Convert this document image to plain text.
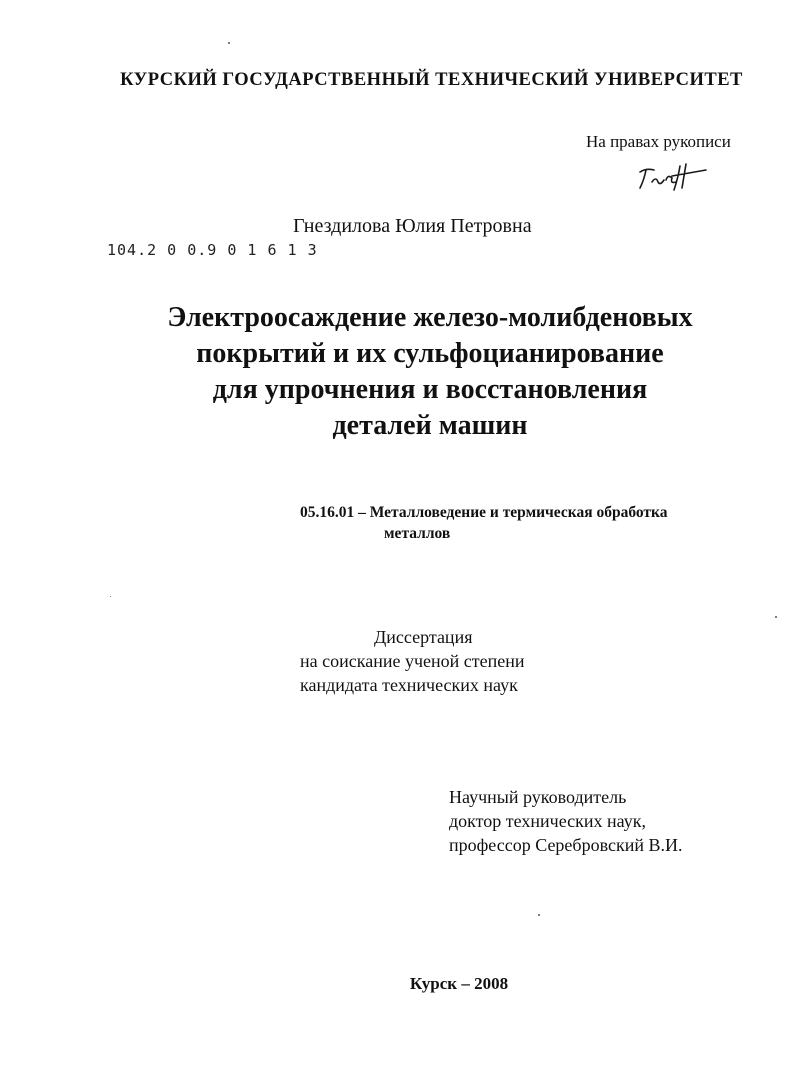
КУРСКИЙ ГОСУДАРСТВЕННЫЙ ТЕХНИЧЕСКИЙ УНИВЕРСИТЕТ
На правах рукописи
Гнездилова Юлия Петровна
104.2 0 0.9 0 1 6 1 3
Электроосаждение железо-молибденовых
покрытий и их сульфоцианирование
для упрочнения и восстановления
деталей машин
05.16.01 – Металловедение и термическая обработка
металлов
Диссертация
на соискание ученой степени
кандидата технических наук
Научный руководитель
доктор технических наук,
профессор Серебровский В.И.
Курск – 2008
